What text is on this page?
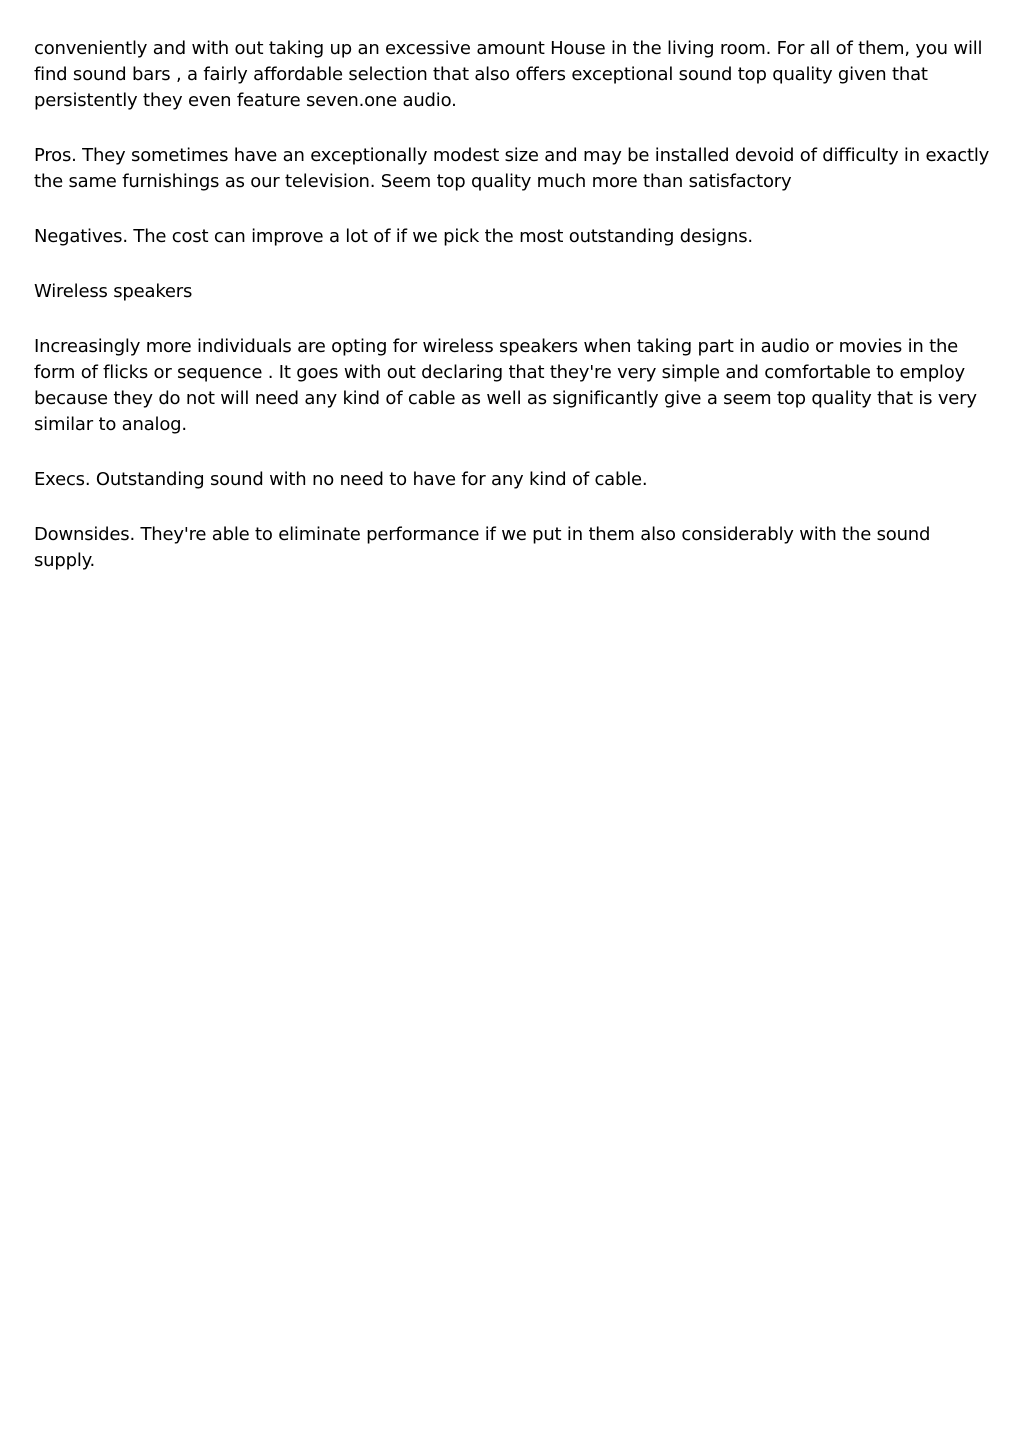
conveniently and with out taking up an excessive amount House in the living room. For all of them, you will find sound bars , a fairly affordable selection that also offers exceptional sound top quality given that persistently they even feature seven.one audio.

Pros. They sometimes have an exceptionally modest size and may be installed devoid of difficulty in exactly the same furnishings as our television. Seem top quality much more than satisfactory

Negatives. The cost can improve a lot of if we pick the most outstanding designs.

Wireless speakers

Increasingly more individuals are opting for wireless speakers when taking part in audio or movies in the form of flicks or sequence . It goes with out declaring that they're very simple and comfortable to employ because they do not will need any kind of cable as well as significantly give a seem top quality that is very similar to analog.

Execs. Outstanding sound with no need to have for any kind of cable.

Downsides. They're able to eliminate performance if we put in them also considerably with the sound supply.
